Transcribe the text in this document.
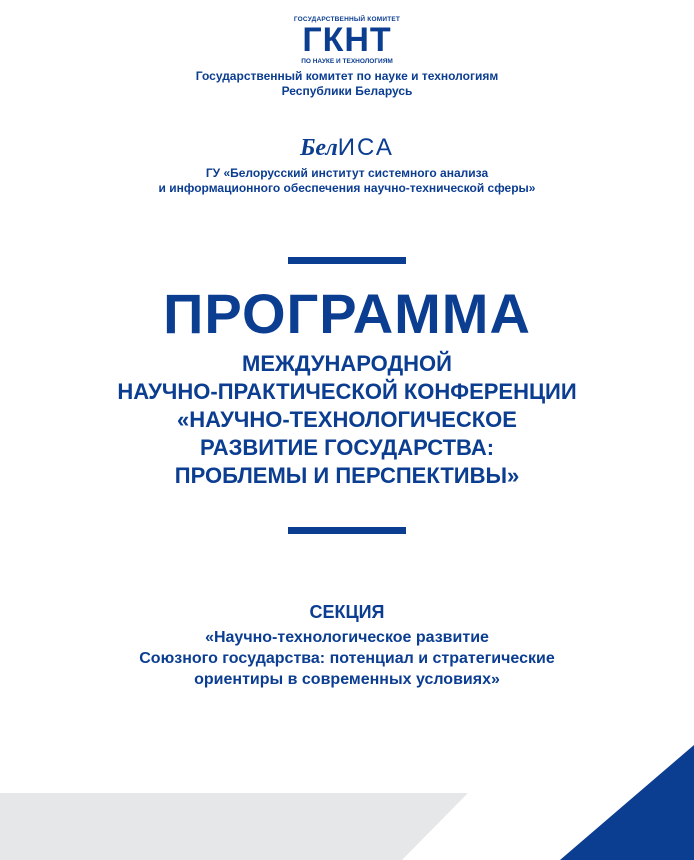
ГОСУДАРСТВЕННЫЙ КОМИТЕТ
ГКНТ
ПО НАУКЕ И ТЕХНОЛОГИЯМ
Государственный комитет по науке и технологиям
Республики Беларусь
БелИСА
ГУ «Белорусский институт системного анализа
и информационного обеспечения научно-технической сферы»
ПРОГРАММА
МЕЖДУНАРОДНОЙ
НАУЧНО-ПРАКТИЧЕСКОЙ КОНФЕРЕНЦИИ
«НАУЧНО-ТЕХНОЛОГИЧЕСКОЕ
РАЗВИТИЕ ГОСУДАРСТВА:
ПРОБЛЕМЫ И ПЕРСПЕКТИВЫ»
СЕКЦИЯ
«Научно-технологическое развитие
Союзного государства: потенциал и стратегические
ориентиры в современных условиях»
